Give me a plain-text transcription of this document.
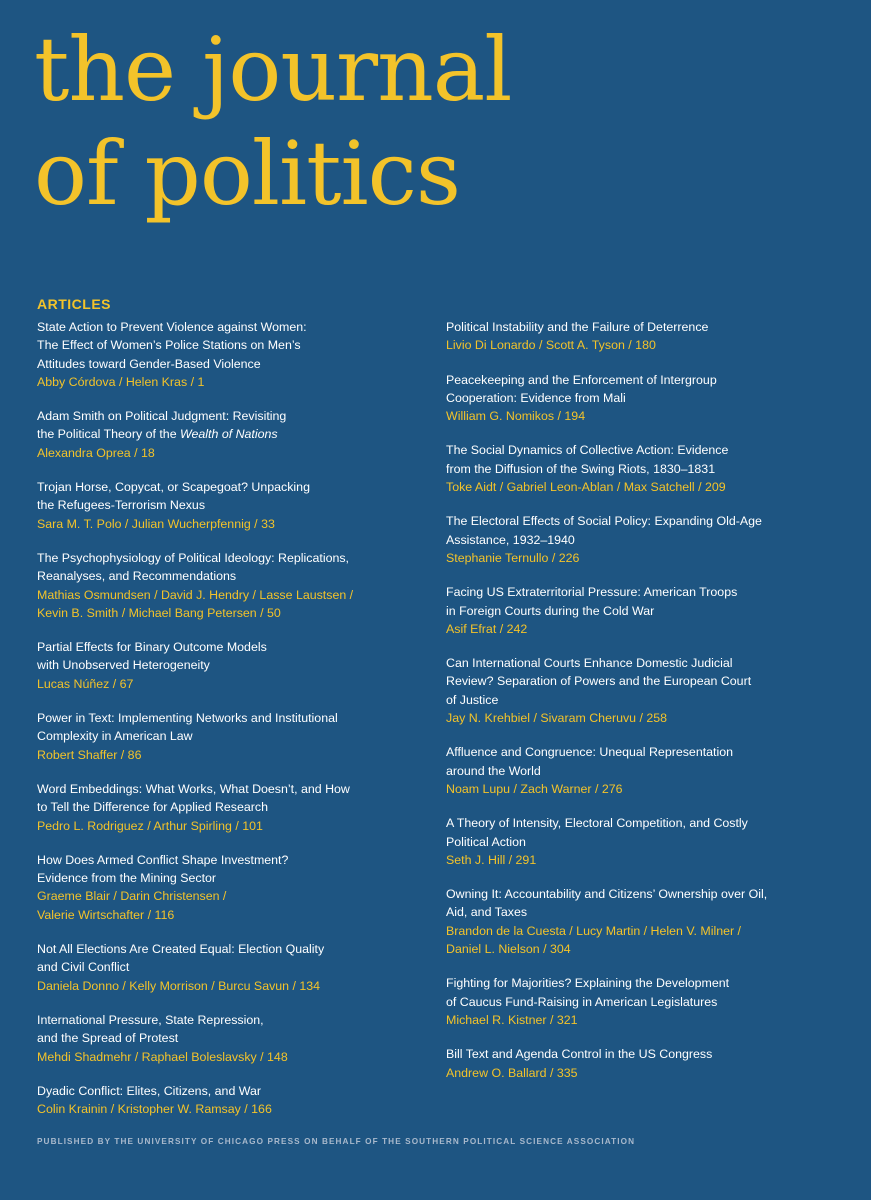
the journal
of politics
ARTICLES
State Action to Prevent Violence against Women:
The Effect of Women’s Police Stations on Men’s
Attitudes toward Gender-Based Violence
Abby Córdova / Helen Kras / 1
Adam Smith on Political Judgment: Revisiting
the Political Theory of the Wealth of Nations
Alexandra Oprea / 18
Trojan Horse, Copycat, or Scapegoat? Unpacking
the Refugees-Terrorism Nexus
Sara M. T. Polo / Julian Wucherpfennig / 33
The Psychophysiology of Political Ideology: Replications,
Reanalyses, and Recommendations
Mathias Osmundsen / David J. Hendry / Lasse Laustsen /
Kevin B. Smith / Michael Bang Petersen / 50
Partial Effects for Binary Outcome Models
with Unobserved Heterogeneity
Lucas Núñez / 67
Power in Text: Implementing Networks and Institutional
Complexity in American Law
Robert Shaffer / 86
Word Embeddings: What Works, What Doesn’t, and How
to Tell the Difference for Applied Research
Pedro L. Rodriguez / Arthur Spirling / 101
How Does Armed Conflict Shape Investment?
Evidence from the Mining Sector
Graeme Blair / Darin Christensen /
Valerie Wirtschafter / 116
Not All Elections Are Created Equal: Election Quality
and Civil Conflict
Daniela Donno / Kelly Morrison / Burcu Savun / 134
International Pressure, State Repression,
and the Spread of Protest
Mehdi Shadmehr / Raphael Boleslavsky / 148
Dyadic Conflict: Elites, Citizens, and War
Colin Krainin / Kristopher W. Ramsay / 166
Political Instability and the Failure of Deterrence
Livio Di Lonardo / Scott A. Tyson / 180
Peacekeeping and the Enforcement of Intergroup
Cooperation: Evidence from Mali
William G. Nomikos / 194
The Social Dynamics of Collective Action: Evidence
from the Diffusion of the Swing Riots, 1830–1831
Toke Aidt / Gabriel Leon-Ablan / Max Satchell / 209
The Electoral Effects of Social Policy: Expanding Old-Age
Assistance, 1932–1940
Stephanie Ternullo / 226
Facing US Extraterritorial Pressure: American Troops
in Foreign Courts during the Cold War
Asif Efrat / 242
Can International Courts Enhance Domestic Judicial
Review? Separation of Powers and the European Court
of Justice
Jay N. Krehbiel / Sivaram Cheruvu / 258
Affluence and Congruence: Unequal Representation
around the World
Noam Lupu / Zach Warner / 276
A Theory of Intensity, Electoral Competition, and Costly
Political Action
Seth J. Hill / 291
Owning It: Accountability and Citizens’ Ownership over Oil,
Aid, and Taxes
Brandon de la Cuesta / Lucy Martin / Helen V. Milner /
Daniel L. Nielson / 304
Fighting for Majorities? Explaining the Development
of Caucus Fund-Raising in American Legislatures
Michael R. Kistner / 321
Bill Text and Agenda Control in the US Congress
Andrew O. Ballard / 335
PUBLISHED BY THE UNIVERSITY OF CHICAGO PRESS ON BEHALF OF THE SOUTHERN POLITICAL SCIENCE ASSOCIATION
